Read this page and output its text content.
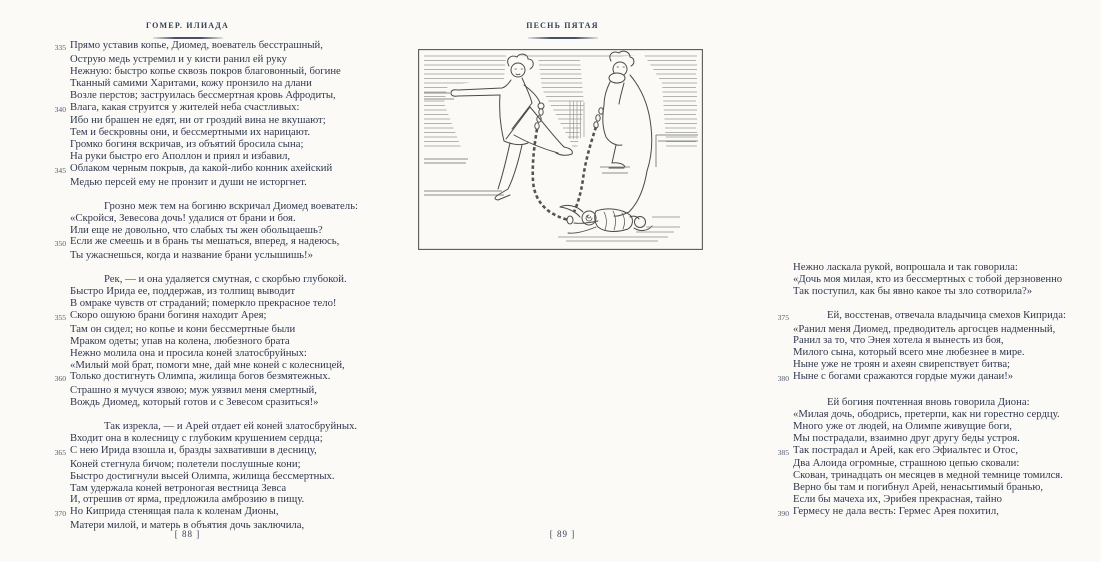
ГОМЕР. ИЛИАДА
335 Прямо уставив копье, Диомед, воеватель бесстрашный,
Острую медь устремил и у кисти ранил ей руку
Нежную: быстро копье сквозь покров благовонный, богине
Тканный самими Харитами, кожу пронзило на длани
Возле перстов; заструилась бессмертная кровь Афродиты,
340 Влага, какая струится у жителей неба счастливых:
Ибо ни брашен не едят, ни от гроздий вина не вкушают;
Тем и бескровны они, и бессмертными их нарицают.
Громко богиня вскричав, из объятий бросила сына;
На руки быстро его Аполлон и приял и избавил,
345 Облаком черным покрыв, да какой-либо конник ахейский
Медью персей ему не пронзит и души не исторгнет.
Грозно меж тем на богиню вскричал Диомед воеватель:
«Скройся, Зевесова дочь! удалися от брани и боя.
Или еще не довольно, что слабых ты жен обольщаешь?
350 Если же смеешь и в брань ты мешаться, вперед, я надеюсь,
Ты ужаснешься, когда и название брани услышишь!»
Рек, — и она удаляется смутная, с скорбью глубокой.
Быстро Ирида ее, поддержав, из толпищ выводит
В омраке чувств от страданий; померкло прекрасное тело!
355 Скоро ошуюю брани богиня находит Арея;
Там он сидел; но копье и кони бессмертные были
Мраком одеты; упав на колена, любезного брата
Нежно молила она и просила коней златосбруйных:
«Милый мой брат, помоги мне, дай мне коней с колесницей,
360 Только достигнуть Олимпа, жилища богов безмятежных.
Страшно я мучуся язвою; муж уязвил меня смертный,
Вождь Диомед, который готов и с Зевесом сразиться!»
Так изрекла, — и Арей отдает ей коней златосбруйных.
Входит она в колесницу с глубоким крушением сердца;
365 С нею Ирида взошла и, бразды захвативши в десницу,
Коней стегнула бичом; полетели послушные кони;
Быстро достигнули высей Олимпа, жилища бессмертных.
Там удержала коней ветроногая вестница Зевса
И, отрешив от ярма, предложила амброзию в пищу.
370 Но Киприда стенящая пала к коленам Дионы,
Матери милой, и матерь в объятия дочь заключила,
[ 88 ]
ПЕСНЬ ПЯТАЯ
Нежно ласкала рукой, вопрошала и так говорила:
«Дочь моя милая, кто из бессмертных с тобой дерзновенно
Так поступил, как бы явно какое ты зло сотворила?»
375	Ей, восстенав, отвечала владычица смехов Киприда:
«Ранил меня Диомед, предводитель аргосцев надменный,
Ранил за то, что Энея хотела я вынесть из боя,
Милого сына, который всего мне любезнее в мире.
Ныне уже не троян и ахеян свирепствует битва;
380 Ныне с богами сражаются гордые мужи данаи!»
Ей богиня почтенная вновь говорила Диона:
«Милая дочь, ободрись, претерпи, как ни горестно сердцу.
Много уже от людей, на Олимпе живущие боги,
Мы пострадали, взаимно друг другу беды устроя.
385 Так пострадал и Арей, как его Эфиальтес и Отос,
Два Алоида огромные, страшною цепью сковали:
Скован, тринадцать он месяцев в медной темнице томился.
Верно бы там и погибнул Арей, ненасытимый бранью,
Если бы мачеха их, Эрибея прекрасная, тайно
390 Гермесу не дала весть: Гермес Арея похитил,
[ 89 ]
